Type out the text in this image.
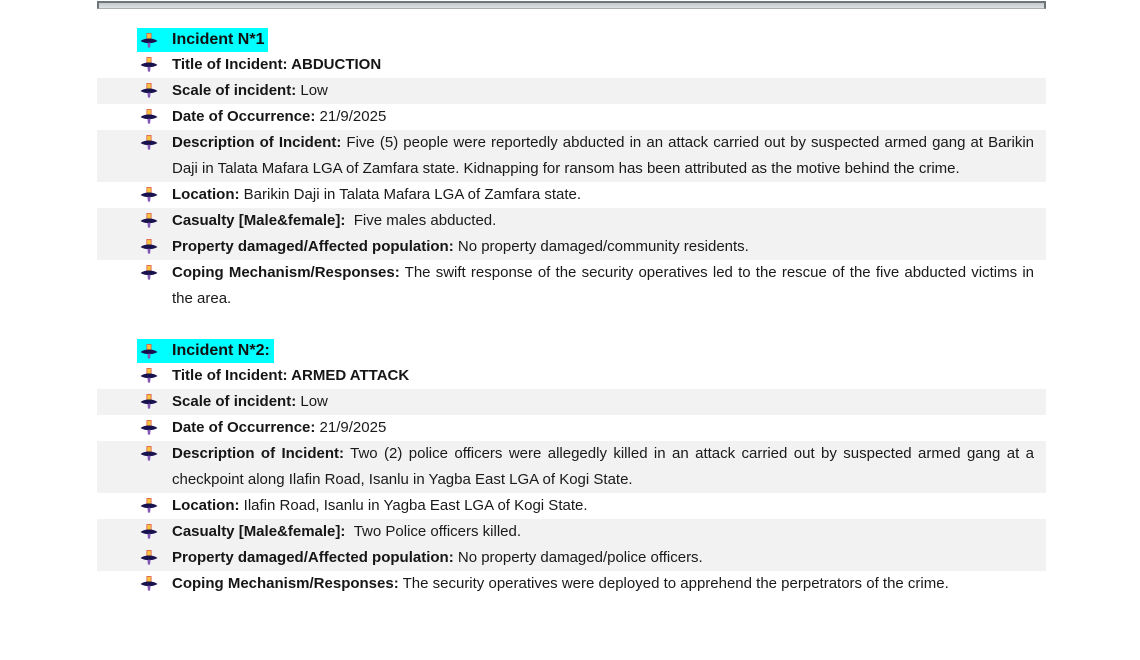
Incident N*1

Title of Incident: ABDUCTION

Scale of incident: Low

Date of Occurrence: 21/9/2025

Description of Incident: Five (5) people were reportedly abducted in an attack carried out by suspected armed gang at Barikin Daji in Talata Mafara LGA of Zamfara state. Kidnapping for ransom has been attributed as the motive behind the crime.

Location: Barikin Daji in Talata Mafara LGA of Zamfara state.

Casualty [Male&female]:  Five males abducted.

Property damaged/Affected population: No property damaged/community residents.

Coping Mechanism/Responses: The swift response of the security operatives led to the rescue of the five abducted victims in the area.

Incident N*2:

Title of Incident: ARMED ATTACK

Scale of incident: Low

Date of Occurrence: 21/9/2025

Description of Incident: Two (2) police officers were allegedly killed in an attack carried out by suspected armed gang at a checkpoint along Ilafin Road, Isanlu in Yagba East LGA of Kogi State.

Location: Ilafin Road, Isanlu in Yagba East LGA of Kogi State.

Casualty [Male&female]:  Two Police officers killed.

Property damaged/Affected population: No property damaged/police officers.

Coping Mechanism/Responses: The security operatives were deployed to apprehend the perpetrators of the crime.
